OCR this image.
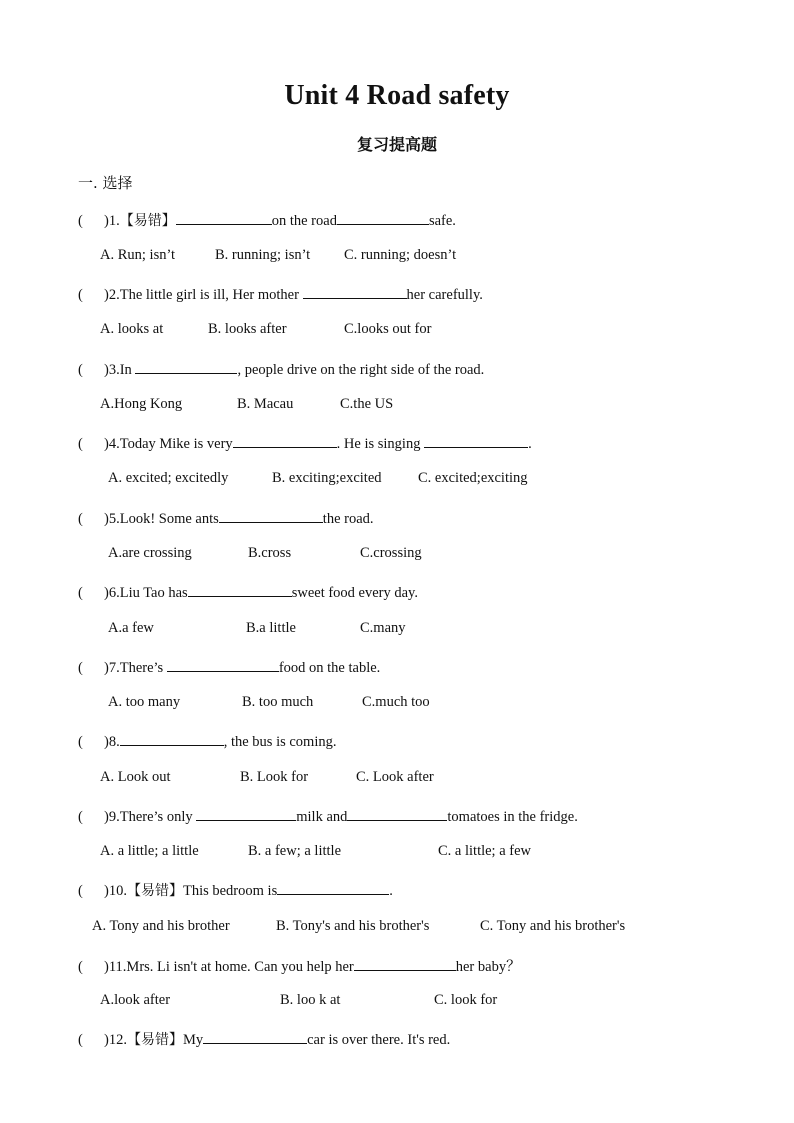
Unit 4 Road safety
复习提高题
一. 选择
( )1.【易错】	on the road	safe.
A. Run; isn’t	B. running; isn’t C. running; doesn’t
( )2.The little girl is ill, Her mother	her carefully.
A. looks at	B. looks after	C.looks out for
( )3.In	, people drive on the right side of the road.
A.Hong Kong	B. Macau	C.the US
( )4.Today Mike is very	. He is singing	.
A. excited; excitedly	B. exciting;excited	C. excited;exciting
( )5.Look! Some ants	the road.
A.are crossing	B.cross	C.crossing
( )6.Liu Tao has	sweet food every day.
A.a few	B.a little	C.many
( )7.There’s	food on the table.
A. too many	B. too much	C.much too
( )8.	, the bus is coming.
A. Look out	B. Look for	C. Look after
( )9.There’s only	milk and	tomatoes in the fridge.
A. a little; a little	B. a few; a little	C. a little; a few
( )10.【易错】This bedroom is	.
A. Tony and his brother	B. Tony's and his brother's	C. Tony and his brother's
( )11.Mrs. Li isn't at home. Can you help her	her baby？
A.look after	B. loo k at	C. look for
( )12.【易错】My	car is over there. It's red.
